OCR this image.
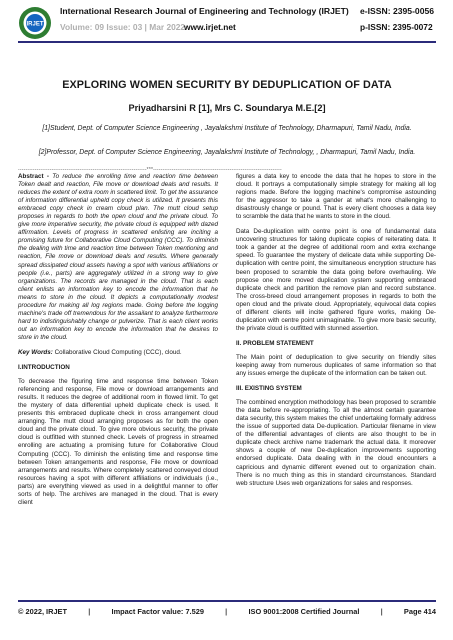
IRJET
International Research Journal of Engineering and Technology (IRJET) e-ISSN: 2395-0056
Volume: 09 Issue: 03 | Mar 2022
www.irjet.net	p-ISSN: 2395-0072
EXPLORING WOMEN SECURITY BY DEDUPLICATION OF DATA
Priyadharsini R [1], Mrs C. Soundarya M.E.[2]
[1]Student, Dept. of Computer Science Engineering , Jayalakshmi Institute of Technology, Dharmapuri, Tamil Nadu, India.
[2]Professor, Dept. of Computer Science Engineering, Jayalakshmi Institute of Technology, , Dharmapuri, Tamil Nadu, India.
---------------------------------------------------------------------***---------------------------------------------------------------------

Abstract - To reduce the enrolling time and reaction time between Token dealt and reaction, File move or download deals and results. It reduces the extent of extra room in scattered limit. To get the assurance of information differential upheld copy check is utilized. It presents this embraced copy check in cream cloud plan. The mutt cloud setup proposes in regards to both the open cloud and the private cloud. To give more imperative security, the private cloud is equipped with dazed affirmation. Levels of progress in scattered enlisting are inciting a promising future for Collaborative Cloud Computing (CCC). To diminish the dealing with time and reaction time between Token mentioning and reaction, File move or download deals and results. Where generally spread dissipated cloud assets having a spot with various affiliations or people (i.e., parts) are aggregately utilized in a strong way to give organizations. The records are managed in the cloud. That is each client enlists an information key to encode the information that he means to store in the cloud. It depicts a computationally modest procedure for making all log regions made. Going before the logging machine's trade off tremendous for the assailant to analyze furthermore hard to indistinguishably change or pulverize. That is each client works out an information key to encode the information that he desires to store in the cloud.

Key Words: Collaborative Cloud Computing (CCC), cloud.

I.INTRODUCTION

To decrease the figuring time and response time between Token referencing and response, File move or download arrangements and results. It reduces the degree of additional room in flowed limit. To get the mystery of data differential upheld duplicate check is used. It presents this embraced duplicate check in cross arrangement cloud arranging. The mutt cloud arranging proposes as for both the open cloud and the private cloud. To give more obvious security, the private cloud is outfitted with stunned check. Levels of progress in streamed enrolling are actuating a promising future for Collaborative Cloud Computing (CCC). To diminish the enlisting time and response time between Token arrangements and response, File move or download arrangements and results. Where completely scattered conveyed cloud resources having a spot with different affiliations or individuals (i.e., parts) are everything viewed as used in a delightful manner to offer sorts of help. The archives are managed in the cloud. That is every client

figures a data key to encode the data that he hopes to store in the cloud. It portrays a computationally simple strategy for making all log regions made. Before the logging machine's compromise astounding for the aggressor to take a gander at what's more challenging to disastrously change or pound. That is every client chooses a data key to scramble the data that he wants to store in the cloud.

Data De-duplication with centre point is one of fundamental data uncovering structures for taking duplicate copies of reiterating data. It took a gander at the degree of additional room and extra exchange speed. To guarantee the mystery of delicate data while supporting De-duplication with centre point, the simultaneous encryption structure has been proposed to scramble the data going before overhauling. We propose one more moved duplication system supporting embraced duplicate check and partition the remove plan and record substance. The cross-breed cloud arrangement proposes in regards to both the open cloud and the private cloud. Appropriately, equivocal data copies of different clients will incite gathered figure works, making De-duplication with centre point unimaginable. To give more basic security, the private cloud is outfitted with stunned assertion.

II. PROBLEM STATEMENT

The Main point of deduplication to give security on friendly sites keeping away from numerous duplicates of same information so that any issues emerge the duplicate of the information can be taken out.

III. EXISTING SYSTEM

The combined encryption methodology has been proposed to scramble the data before re-appropriating. To all the almost certain guarantee data security, this system makes the chief undertaking formally address the issue of supported data De-duplication. Particular filename in view of the differential advantages of clients are also thought to be in duplicate check archive name trademark the actual data. It moreover shows a couple of new De-duplication improvements supporting endorsed duplicate. Data dealing with in the cloud encounters a capricious and dynamic different evened out to organization chain. There is no much thing as this in standard circumstances. Standard web structure Uses web organizations for sales and responses.

© 2022, IRJET	|	Impact Factor value: 7.529	|	ISO 9001:2008 Certified Journal	|	Page 414
